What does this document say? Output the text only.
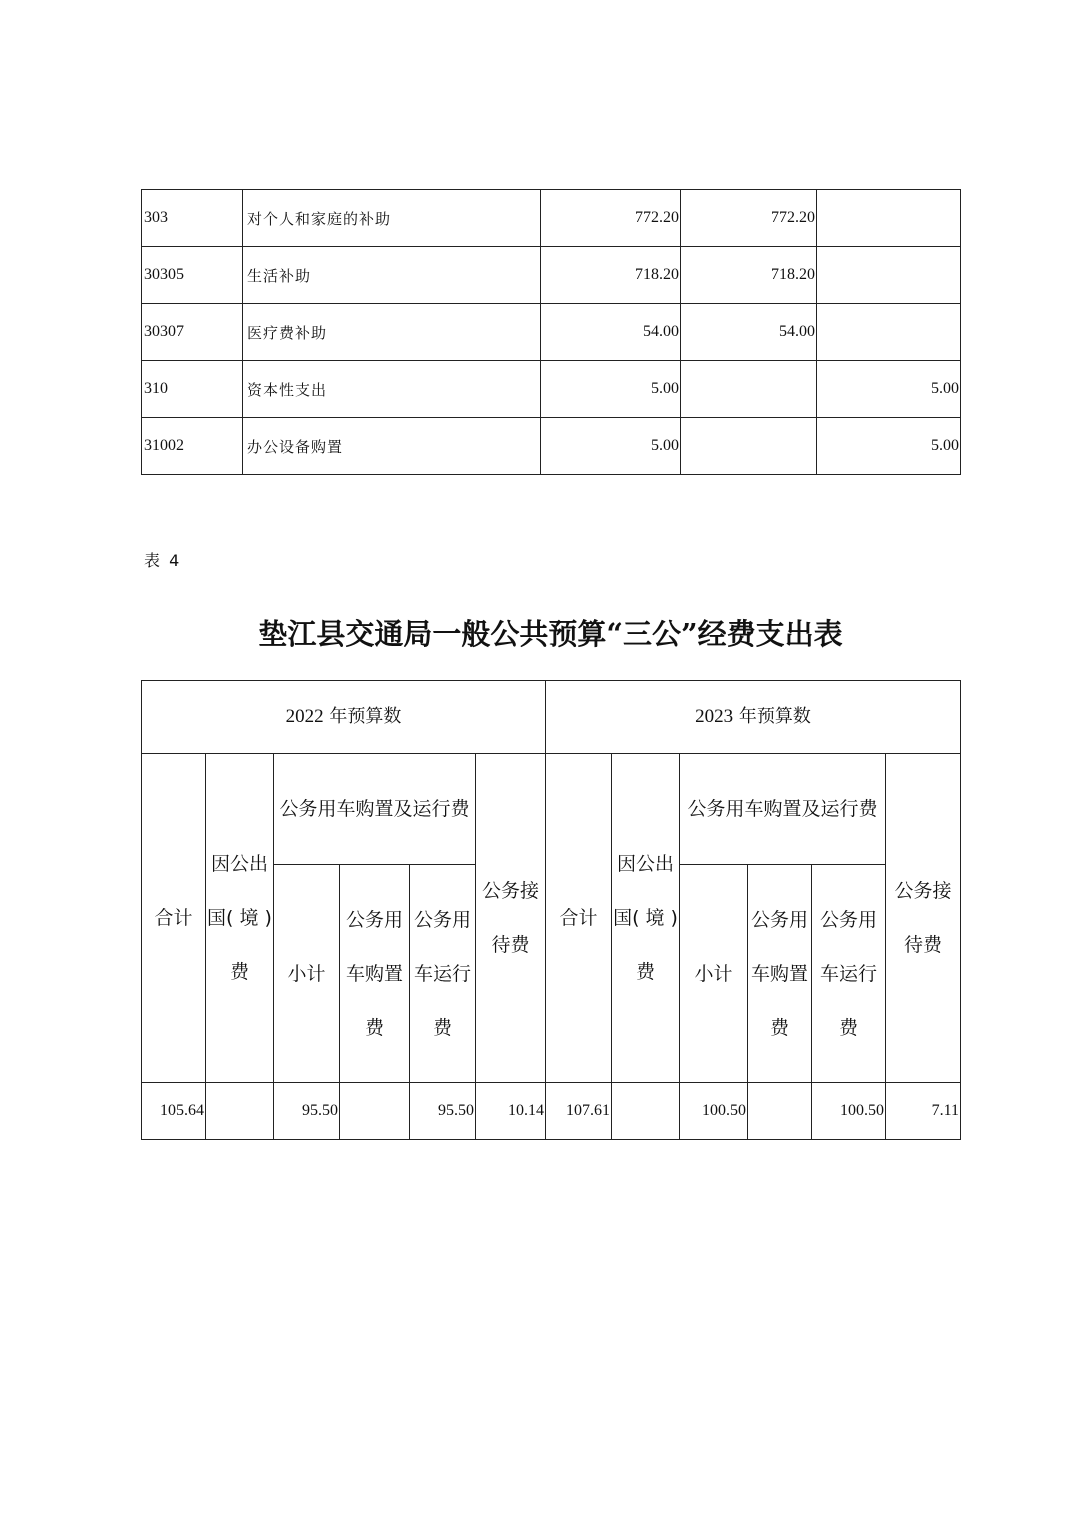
303	对个人和家庭的补助	772.20	772.20	
30305	生活补助	718.20	718.20	
30307	医疗费补助	54.00	54.00	
310	资本性支出	5.00		5.00
31002	办公设备购置	5.00		5.00
表 4
垫江县交通局一般公共预算“三公”经费支出表
2022 年预算数						2023 年预算数					
合计	因公出国( 境 )费	公务用车购置及运行费			公务接待费	合计	因公出国( 境 )费	公务用车购置及运行费			公务接待费
		小计	公务用车购置费	公务用车运行费				小计	公务用车购置费	公务用车运行费	
105.64		95.50		95.50	10.14	107.61		100.50		100.50	7.11
